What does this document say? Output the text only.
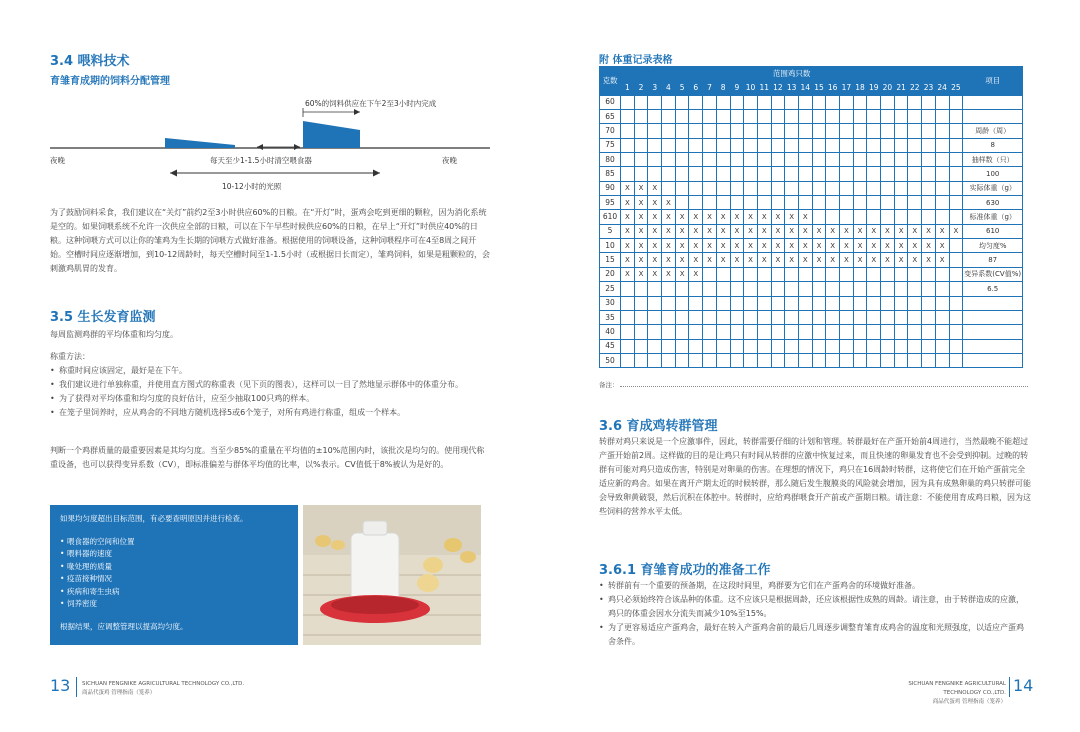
3.4 喂料技术
育雏育成期的饲料分配管理
60%的饲料供应在下午2至3小时内完成
夜晚	夜晚
每天至少1-1.5小时清空喂食器
10-12小时的光照
为了鼓励饲料采食，我们建议在“关灯”前约2至3小时供应60%的日粮。在“开灯”时，蛋鸡会吃到更细的颗粒，因为消化系统是空的。如果饲喂系统不允许一次供应全部的日粮，可以在下午早些时候供应60%的日粮，在早上“开灯”时供应40%的日粮。这种饲喂方式可以让你的雏鸡为生长期的饲喂方式做好准备。根据使用的饲喂设备，这种饲喂程序可在4至8周之间开始。空槽时间应逐渐增加，到10-12周龄时，每天空槽时间至1-1.5小时（或根据日长而定），雏鸡饲料，如果是粗颗粒的，会刺激鸡肌胃的发育。
3.5 生长发育监测
每周监测鸡群的平均体重和均匀度。
称重方法：
• 称重时间应该固定，最好是在下午。
• 我们建议进行单独称重，并使用直方图式的称重表（见下页的图表），这样可以一目了然地显示群体中的体重分布。
• 为了获得对平均体重和均匀度的良好估计，应至少抽取100只鸡的样本。
• 在笼子里饲养时，应从鸡舍的不同地方随机选择5或6个笼子，对所有鸡进行称重，组成一个样本。
判断一个鸡群质量的最重要因素是其均匀度。当至少85%的重量在平均值的±10%范围内时，该批次是均匀的。使用现代称重设备，也可以获得变异系数（CV），即标准偏差与群体平均值的比率，以%表示。CV值低于8%被认为是好的。
如果均匀度超出目标范围，有必要查明原因并进行检查。
• 喂食器的空间和位置
• 喂料器的速度
• 喙处理的质量
• 疫苗接种情况
• 疾病和寄生虫病
• 饲养密度
根据结果，应调整管理以提高均匀度。
13 SICHUAN FENGNIKE AGRICULTURAL TECHNOLOGY CO.,LTD.
商品代蛋鸡 管理指南（笼养）
附 体重记录表格
克数	范围鸡只数																									项目
	1	2	3	4	5	6	7	8	9	10	11	12	13	14	15	16	17	18	19	20	21	22	23	24	25	
60																										
65																										
70																										周龄（周）
75																										8
80																										抽样数（只）
85																										100
90	X	X	X																							实际体重（g）
95	X	X	X	X																						630
610	X	X	X	X	X	X	X	X	X	X	X	X	X	X												标准体重（g）
5	X	X	X	X	X	X	X	X	X	X	X	X	X	X	X	X	X	X	X	X	X	X	X	X	X	610
10	X	X	X	X	X	X	X	X	X	X	X	X	X	X	X	X	X	X	X	X	X	X	X	X		均匀度%
15	X	X	X	X	X	X	X	X	X	X	X	X	X	X	X	X	X	X	X	X	X	X	X	X		87
20	X	X	X	X	X	X																				变异系数(CV值%)
25																										6.5
30																										
35																										
40																										
45																										
50																										
备注：
3.6 育成鸡转群管理
转群对鸡只来说是一个应激事件，因此，转群需要仔细的计划和管理。转群最好在产蛋开始前4周进行，当然最晚不能超过产蛋开始前2周。这样做的目的是让鸡只有时间从转群的应激中恢复过来，而且快速的卵巢发育也不会受到抑制。过晚的转群有可能对鸡只造成伤害，特别是对卵巢的伤害。在理想的情况下，鸡只在16周龄时转群，这将使它们在开始产蛋前完全适应新的鸡舍。如果在离开产期太近的时候转群，那么随后发生腹膜炎的风险就会增加，因为具有成熟卵巢的鸡只转群可能会导致卵黄破裂，然后沉积在体腔中。转群时，应给鸡群喂食开产前或产蛋期日粮。请注意：不能使用育成鸡日粮，因为这些饲料的营养水平太低。
3.6.1 育雏育成功的准备工作
• 转群前有一个重要的预备期，在这段时间里，鸡群要为它们在产蛋鸡舍的环境做好准备。
• 鸡只必须始终符合该品种的体重。这不应该只是根据周龄，还应该根据性成熟的周龄。请注意，由于转群造成的应激，鸡只的体重会因水分流失而减少10%至15%。
• 为了更容易适应产蛋鸡舍，最好在转入产蛋鸡舍前的最后几周逐步调整育雏育成鸡舍的温度和光照强度，以适应产蛋鸡舍条件。
SICHUAN FENGNIKE AGRICULTURAL TECHNOLOGY CO.,LTD.
商品代蛋鸡 管理指南（笼养）
14
